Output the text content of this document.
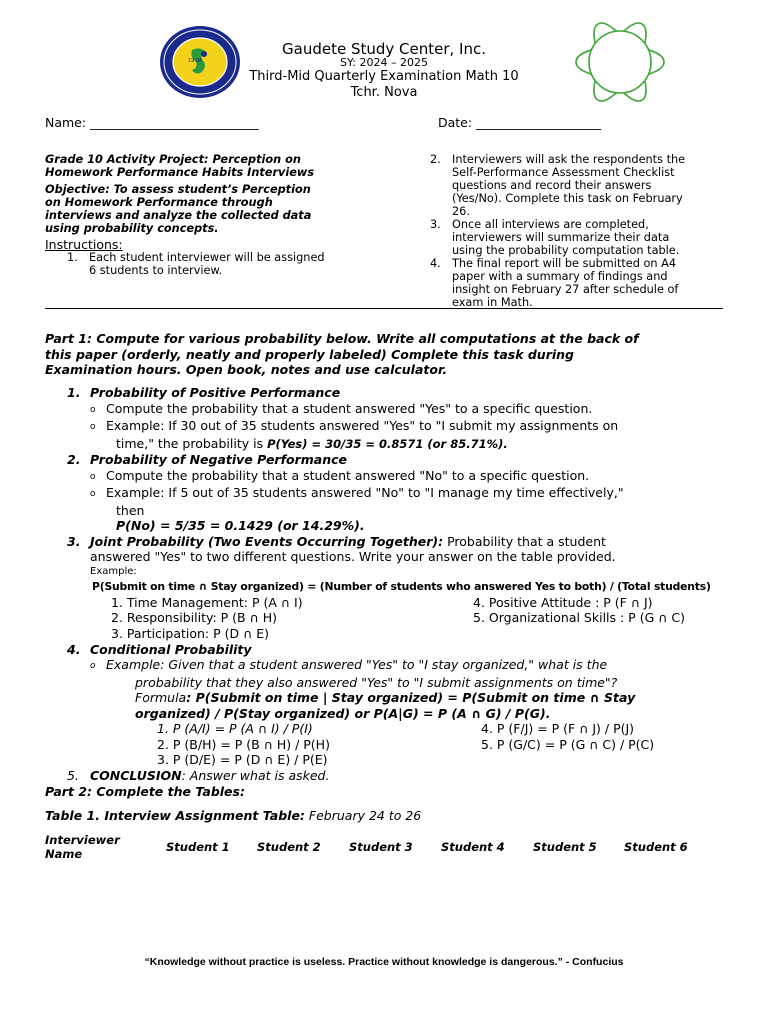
19 98
Gaudete Study Center, Inc.
SY: 2024 – 2025
Third-Mid Quarterly Examination Math 10
Tchr. Nova
Name: ___________________________	Date: ____________________
Grade 10 Activity Project: Perception on
Homework Performance Habits Interviews
Objective: To assess student’s Perception
on Homework Performance through
interviews and analyze the collected data
using probability concepts.
Instructions:
1. Each student interviewer will be assigned
6 students to interview.
2. Interviewers will ask the respondents the
Self-Performance Assessment Checklist
questions and record their answers
(Yes/No). Complete this task on February
26.
3. Once all interviews are completed,
interviewers will summarize their data
using the probability computation table.
4. The final report will be submitted on A4
paper with a summary of findings and
insight on February 27 after schedule of
exam in Math.
Part 1: Compute for various probability below. Write all computations at the back of
this paper (orderly, neatly and properly labeled) Complete this task during
Examination hours. Open book, notes and use calculator.
1. Probability of Positive Performance
o Compute the probability that a student answered "Yes" to a specific question.
o Example: If 30 out of 35 students answered "Yes" to "I submit my assignments on
time," the probability is P(Yes) = 30/35 = 0.8571 (or 85.71%).
2. Probability of Negative Performance
o Compute the probability that a student answered "No" to a specific question.
o Example: If 5 out of 35 students answered "No" to "I manage my time effectively,"
then
P(No) = 5/35 = 0.1429 (or 14.29%).
3. Joint Probability (Two Events Occurring Together): Probability that a student
answered "Yes" to two different questions. Write your answer on the table provided.
Example:
P(Submit on time ∩ Stay organized) = (Number of students who answered Yes to both) / (Total students)
1. Time Management: P (A ∩ I)
2. Responsibility: P (B ∩ H)
3. Participation: P (D ∩ E)
4. Positive Attitude : P (F ∩ J)
5. Organizational Skills : P (G ∩ C)
4. Conditional Probability
o Example: Given that a student answered "Yes" to "I stay organized," what is the
probability that they also answered "Yes" to "I submit assignments on time"?
Formula: P(Submit on time | Stay organized) = P(Submit on time ∩ Stay
organized) / P(Stay organized) or P(A|G) = P (A ∩ G) / P(G).
1. P (A/I) = P (A ∩ I) / P(I)
2. P (B/H) = P (B ∩ H) / P(H)
3. P (D/E) = P (D ∩ E) / P(E)
4. P (F/J) = P (F ∩ J) / P(J)
5. P (G/C) = P (G ∩ C) / P(C)
5. CONCLUSION: Answer what is asked.
Part 2: Complete the Tables:
Table 1. Interview Assignment Table: February 24 to 26
Interviewer
Name	Student 1 Student 2 Student 3 Student 4 Student 5 Student 6
“Knowledge without practice is useless. Practice without knowledge is dangerous.” - Confucius
